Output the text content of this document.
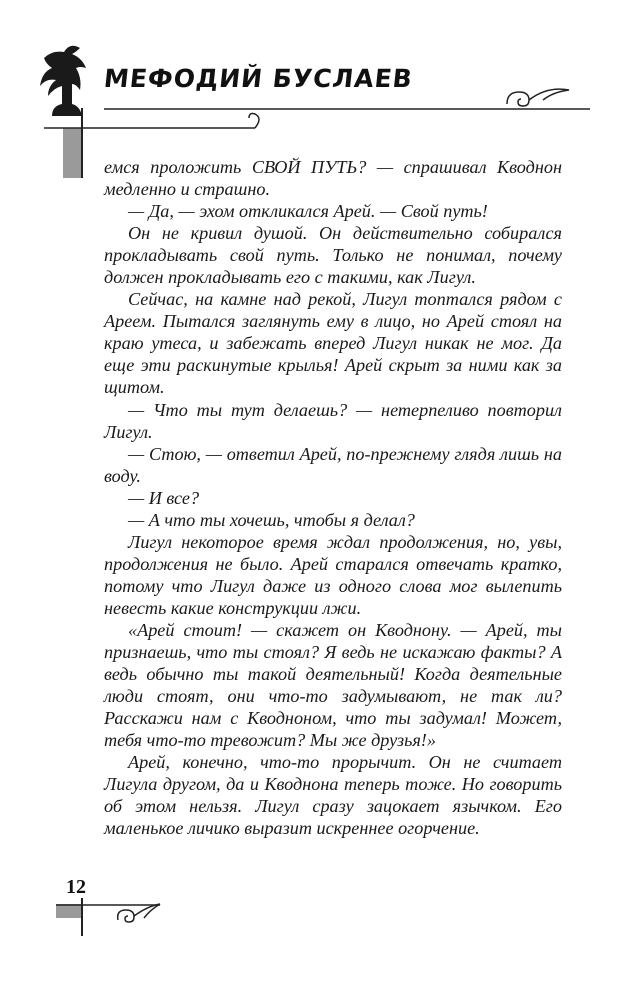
МЕФОДИЙ БУСЛАЕВ

емся проложить СВОЙ ПУТЬ? — спрашивал Кводнон медленно и страшно.

— Да, — эхом откликался Арей. — Свой путь!

Он не кривил душой. Он действительно собирался прокладывать свой путь. Только не понимал, почему должен прокладывать его с такими, как Лигул.

Сейчас, на камне над рекой, Лигул топтался рядом с Ареем. Пытался заглянуть ему в лицо, но Арей стоял на краю утеса, и забежать вперед Лигул никак не мог. Да еще эти раскинутые крылья! Арей скрыт за ними как за щитом.

— Что ты тут делаешь? — нетерпеливо повторил Лигул.

— Стою, — ответил Арей, по-прежнему глядя лишь на воду.

— И все?

— А что ты хочешь, чтобы я делал?

Лигул некоторое время ждал продолжения, но, увы, продолжения не было. Арей старался отвечать кратко, потому что Лигул даже из одного слова мог вылепить невесть какие конструкции лжи.

«Арей стоит! — скажет он Кводнону. — Арей, ты признаешь, что ты стоял? Я ведь не искажаю факты? А ведь обычно ты такой деятельный! Когда деятельные люди стоят, они что-то задумывают, не так ли? Расскажи нам с Кводноном, что ты задумал! Может, тебя что-то тревожит? Мы же друзья!»

Арей, конечно, что-то прорычит. Он не считает Лигула другом, да и Кводнона теперь тоже. Но говорить об этом нельзя. Лигул сразу зацокает язычком. Его маленькое личико выразит искреннее огорчение.

12
